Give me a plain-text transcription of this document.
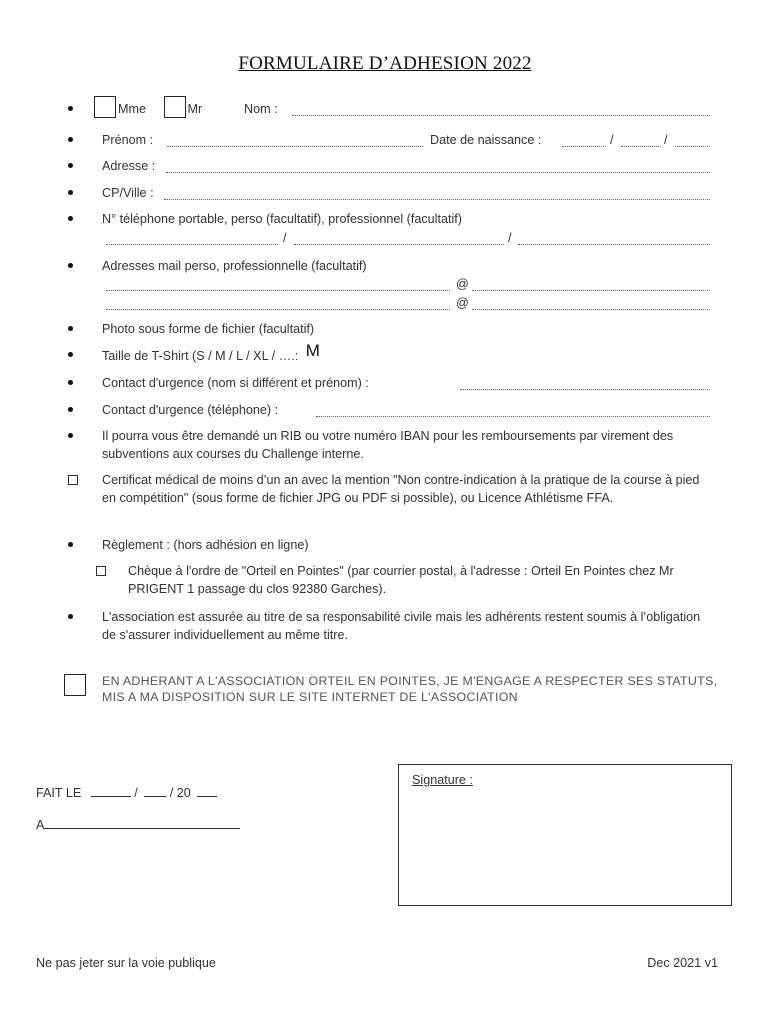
FORMULAIRE D’ADHESION 2022
Mme	Mr	Nom :
Prénom :	Date de naissance :	/	/
Adresse :
CP/Ville :
N° téléphone portable, perso (facultatif), professionnel (facultatif)
/	/
Adresses mail perso, professionnelle (facultatif)
@
@
Photo sous forme de fichier (facultatif)
Taille de T-Shirt (S / M / L / XL / ….: M
Contact d'urgence (nom si différent et prénom) :
Contact d'urgence (téléphone) :
Il pourra vous être demandé un RIB ou votre numéro IBAN pour les remboursements par virement des subventions aux courses du Challenge interne.
Certificat médical de moins d’un an avec la mention "Non contre-indication à la pratique de la course à pied en compétition" (sous forme de fichier JPG ou PDF si possible), ou Licence Athlétisme FFA.
Règlement : (hors adhésion en ligne)
Chèque à l'ordre de "Orteil en Pointes" (par courrier postal, à l'adresse : Orteil En Pointes chez Mr PRIGENT 1 passage du clos 92380 Garches).
L'association est assurée au titre de sa responsabilité civile mais les adhérents restent soumis à l’obligation de s'assurer individuellement au même titre.
EN ADHERANT A L'ASSOCIATION ORTEIL EN POINTES, JE M'ENGAGE A RESPECTER SES STATUTS, MIS A MA DISPOSITION SUR LE SITE INTERNET DE L'ASSOCIATION
FAIT LE	/	/ 20
A
Signature :
Ne pas jeter sur la voie publique	Dec 2021 v1
